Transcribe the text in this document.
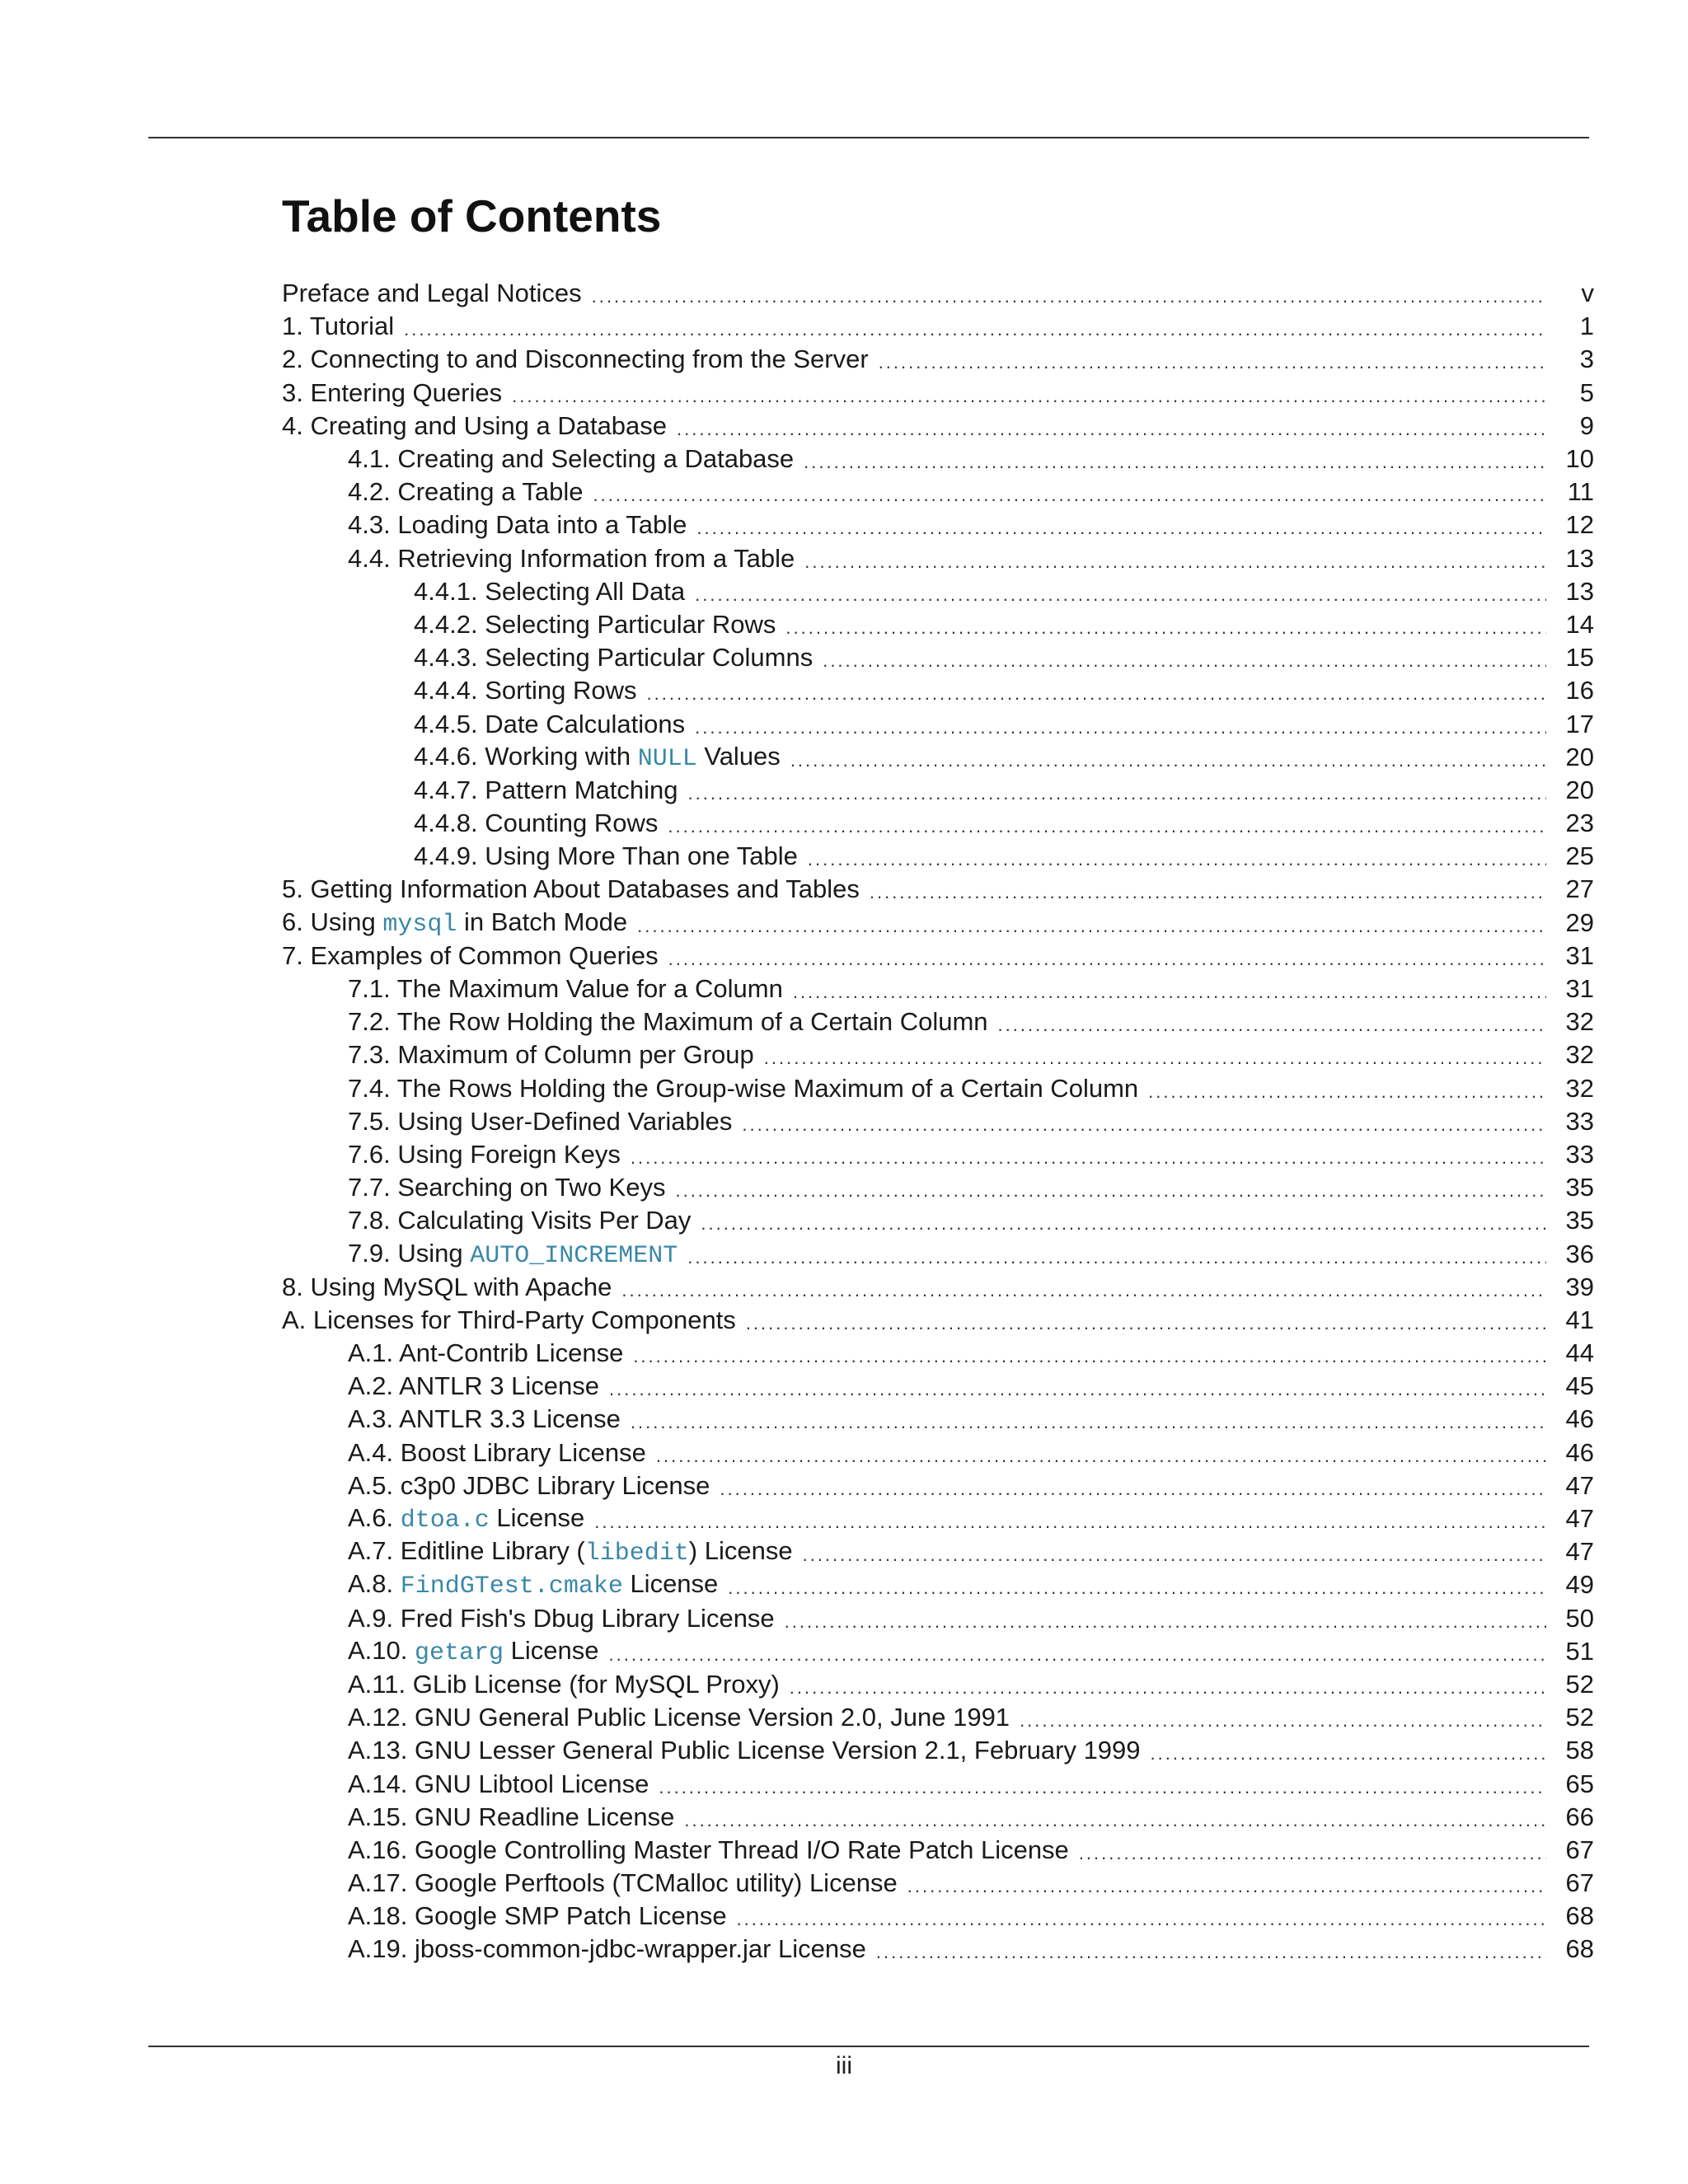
Table of Contents
Preface and Legal Notices .....	v
1. Tutorial .....	1
2. Connecting to and Disconnecting from the Server .....	3
3. Entering Queries .....	5
4. Creating and Using a Database .....	9
4.1. Creating and Selecting a Database .....	10
4.2. Creating a Table .....	11
4.3. Loading Data into a Table .....	12
4.4. Retrieving Information from a Table .....	13
4.4.1. Selecting All Data .....	13
4.4.2. Selecting Particular Rows .....	14
4.4.3. Selecting Particular Columns .....	15
4.4.4. Sorting Rows .....	16
4.4.5. Date Calculations .....	17
4.4.6. Working with NULL Values .....	20
4.4.7. Pattern Matching .....	20
4.4.8. Counting Rows .....	23
4.4.9. Using More Than one Table .....	25
5. Getting Information About Databases and Tables .....	27
6. Using mysql in Batch Mode .....	29
7. Examples of Common Queries .....	31
7.1. The Maximum Value for a Column .....	31
7.2. The Row Holding the Maximum of a Certain Column .....	32
7.3. Maximum of Column per Group .....	32
7.4. The Rows Holding the Group-wise Maximum of a Certain Column .....	32
7.5. Using User-Defined Variables .....	33
7.6. Using Foreign Keys .....	33
7.7. Searching on Two Keys .....	35
7.8. Calculating Visits Per Day .....	35
7.9. Using AUTO_INCREMENT .....	36
8. Using MySQL with Apache .....	39
A. Licenses for Third-Party Components .....	41
A.1. Ant-Contrib License .....	44
A.2. ANTLR 3 License .....	45
A.3. ANTLR 3.3 License .....	46
A.4. Boost Library License .....	46
A.5. c3p0 JDBC Library License .....	47
A.6. dtoa.c License .....	47
A.7. Editline Library (libedit) License .....	47
A.8. FindGTest.cmake License .....	49
A.9. Fred Fish's Dbug Library License .....	50
A.10. getarg License .....	51
A.11. GLib License (for MySQL Proxy) .....	52
A.12. GNU General Public License Version 2.0, June 1991 .....	52
A.13. GNU Lesser General Public License Version 2.1, February 1999 .....	58
A.14. GNU Libtool License .....	65
A.15. GNU Readline License .....	66
A.16. Google Controlling Master Thread I/O Rate Patch License .....	67
A.17. Google Perftools (TCMalloc utility) License .....	67
A.18. Google SMP Patch License .....	68
A.19. jboss-common-jdbc-wrapper.jar License .....	68
iii
